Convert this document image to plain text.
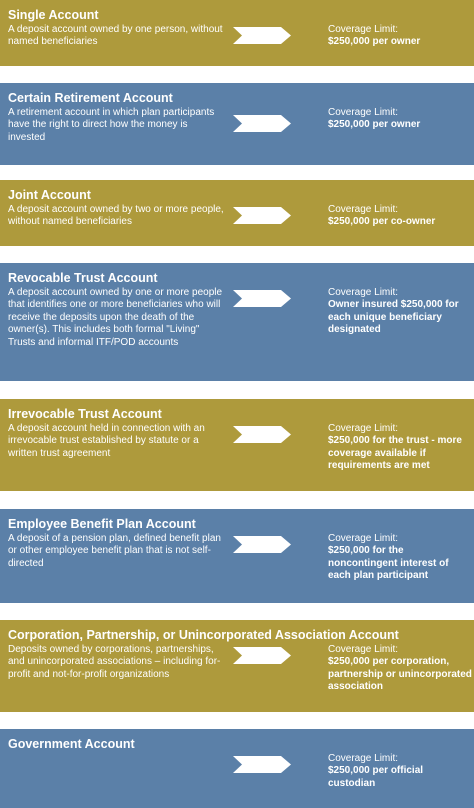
Single Account
A deposit account owned by one person, without named beneficiaries
Coverage Limit:
$250,000 per owner
Certain Retirement Account
A retirement account in which plan participants have the right to direct how the money is invested
Coverage Limit:
$250,000 per owner
Joint Account
A deposit account owned by two or more people, without named beneficiaries
Coverage Limit:
$250,000 per co-owner
Revocable Trust Account
A deposit account owned by one or more people that identifies one or more beneficiaries who will receive the deposits upon the death of the owner(s). This includes both formal "Living" Trusts and informal ITF/POD accounts
Coverage Limit:
Owner insured $250,000 for each unique beneficiary designated
Irrevocable Trust Account
A deposit account held in connection with an irrevocable trust established by statute or a written trust agreement
Coverage Limit:
$250,000 for the trust - more coverage available if requirements are met
Employee Benefit Plan Account
A deposit of a pension plan, defined benefit plan or other employee benefit plan that is not self-directed
Coverage Limit:
$250,000 for the noncontingent interest of each plan participant
Corporation, Partnership, or Unincorporated Association Account
Deposits owned by corporations, partnerships, and unincorporated associations – including for-profit and not-for-profit organizations
Coverage Limit:
$250,000 per corporation, partnership or unincorporated association
Government Account
Coverage Limit:
$250,000 per official custodian
